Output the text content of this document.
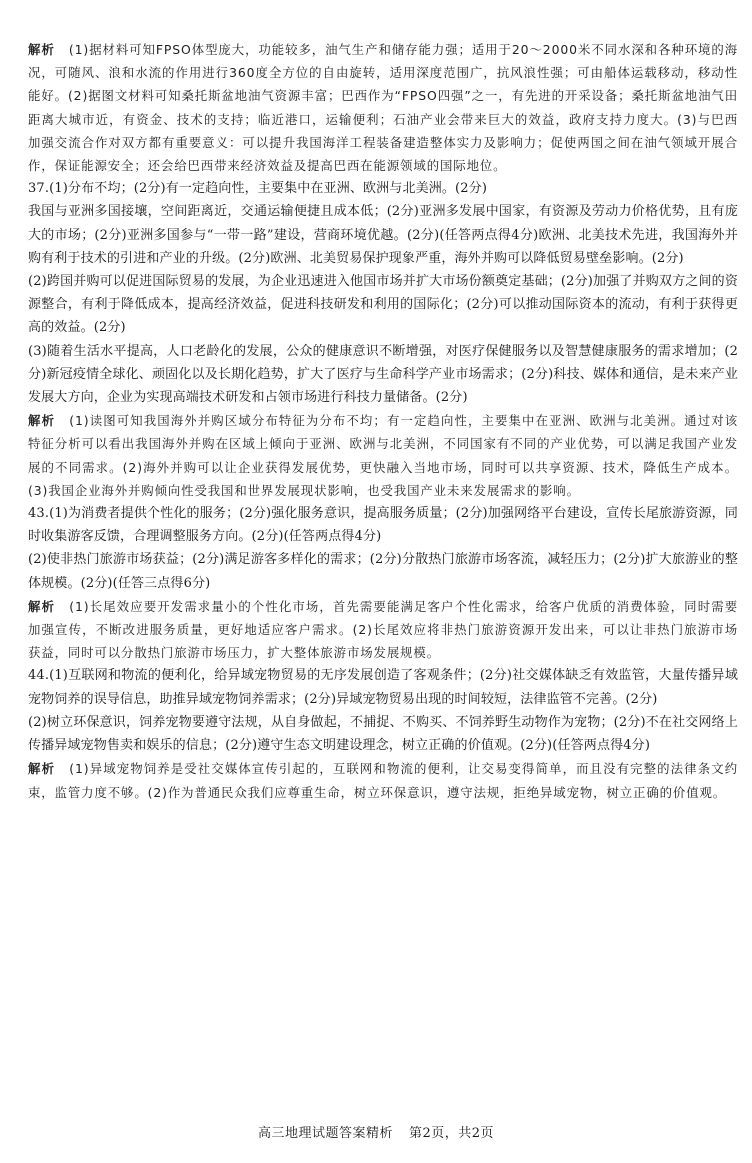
解析 (1)据材料可知FPSO体型庞大，功能较多，油气生产和储存能力强；适用于20～2000米不同水深和各种环境的海况，可随风、浪和水流的作用进行360度全方位的自由旋转，适用深度范围广，抗风浪性强；可由船体运载移动，移动性能好。(2)据图文材料可知桑托斯盆地油气资源丰富；巴西作为“FPSO四强”之一，有先进的开采设备；桑托斯盆地油气田距离大城市近，有资金、技术的支持；临近港口，运输便利；石油产业会带来巨大的效益，政府支持力度大。(3)与巴西加强交流合作对双方都有重要意义：可以提升我国海洋工程装备建造整体实力及影响力；促使两国之间在油气领域开展合作，保证能源安全；还会给巴西带来经济效益及提高巴西在能源领域的国际地位。

37.(1)分布不均；(2分)有一定趋向性，主要集中在亚洲、欧洲与北美洲。(2分)

我国与亚洲多国接壤，空间距离近，交通运输便捷且成本低；(2分)亚洲多发展中国家，有资源及劳动力价格优势，且有庞大的市场；(2分)亚洲多国参与“一带一路”建设，营商环境优越。(2分)(任答两点得4分)欧洲、北美技术先进，我国海外并购有利于技术的引进和产业的升级。(2分)欧洲、北美贸易保护现象严重，海外并购可以降低贸易壁垒影响。(2分)

(2)跨国并购可以促进国际贸易的发展，为企业迅速进入他国市场并扩大市场份额奠定基础；(2分)加强了并购双方之间的资源整合，有利于降低成本，提高经济效益，促进科技研发和利用的国际化；(2分)可以推动国际资本的流动，有利于获得更高的效益。(2分)

(3)随着生活水平提高，人口老龄化的发展，公众的健康意识不断增强，对医疗保健服务以及智慧健康服务的需求增加；(2分)新冠疫情全球化、顽固化以及长期化趋势，扩大了医疗与生命科学产业市场需求；(2分)科技、媒体和通信，是未来产业发展大方向，企业为实现高端技术研发和占领市场进行科技力量储备。(2分)

解析 (1)读图可知我国海外并购区域分布特征为分布不均；有一定趋向性，主要集中在亚洲、欧洲与北美洲。通过对该特征分析可以看出我国海外并购在区域上倾向于亚洲、欧洲与北美洲，不同国家有不同的产业优势，可以满足我国产业发展的不同需求。(2)海外并购可以让企业获得发展优势，更快融入当地市场，同时可以共享资源、技术，降低生产成本。(3)我国企业海外并购倾向性受我国和世界发展现状影响，也受我国产业未来发展需求的影响。

43.(1)为消费者提供个性化的服务；(2分)强化服务意识，提高服务质量；(2分)加强网络平台建设，宣传长尾旅游资源，同时收集游客反馈，合理调整服务方向。(2分)(任答两点得4分)

(2)使非热门旅游市场获益；(2分)满足游客多样化的需求；(2分)分散热门旅游市场客流，减轻压力；(2分)扩大旅游业的整体规模。(2分)(任答三点得6分)

解析 (1)长尾效应要开发需求量小的个性化市场，首先需要能满足客户个性化需求，给客户优质的消费体验，同时需要加强宣传，不断改进服务质量，更好地适应客户需求。(2)长尾效应将非热门旅游资源开发出来，可以让非热门旅游市场获益，同时可以分散热门旅游市场压力，扩大整体旅游市场发展规模。

44.(1)互联网和物流的便利化，给异域宠物贸易的无序发展创造了客观条件；(2分)社交媒体缺乏有效监管，大量传播异域宠物饲养的误导信息，助推异域宠物饲养需求；(2分)异域宠物贸易出现的时间较短，法律监管不完善。(2分)

(2)树立环保意识，饲养宠物要遵守法规，从自身做起，不捕捉、不购买、不饲养野生动物作为宠物；(2分)不在社交网络上传播异域宠物售卖和娱乐的信息；(2分)遵守生态文明建设理念，树立正确的价值观。(2分)(任答两点得4分)

解析 (1)异域宠物饲养是受社交媒体宣传引起的，互联网和物流的便利，让交易变得简单，而且没有完整的法律条文约束，监管力度不够。(2)作为普通民众我们应尊重生命，树立环保意识，遵守法规，拒绝异域宠物，树立正确的价值观。

高三地理试题答案精析 第2页，共2页
